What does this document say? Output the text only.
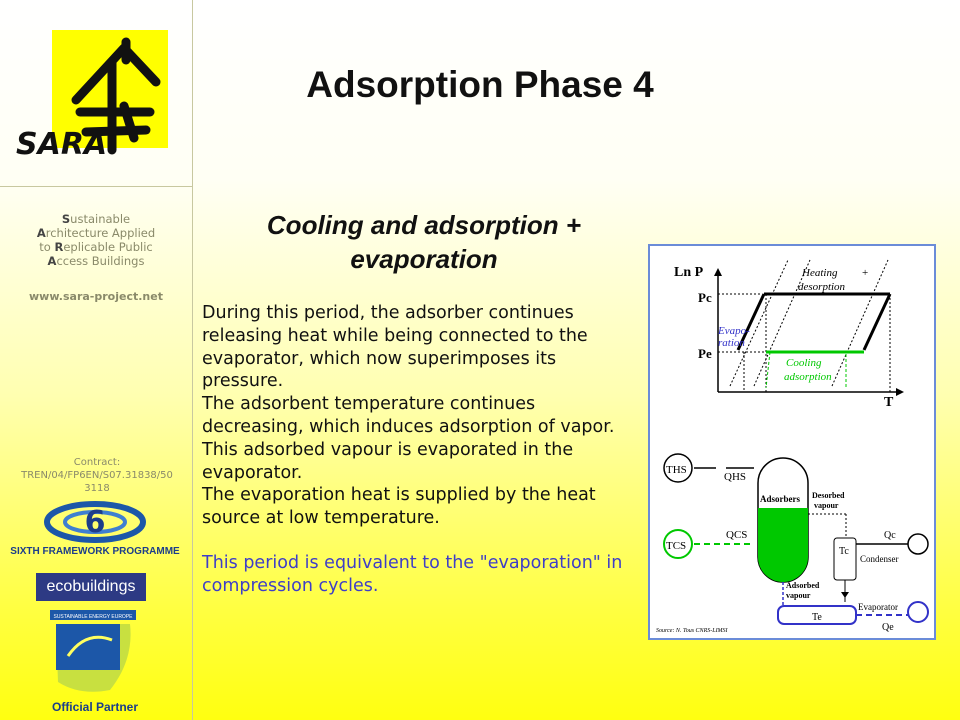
SARA
Sustainable
Architecture Applied
to Replicable Public
Access Buildings
www.sara-project.net
Contract: TREN/04/FP6EN/S07.31838/50 3118
6
SIXTH FRAMEWORK PROGRAMME
ecobuildings
SUSTAINABLE ENERGY EUROPE
Official Partner
Adsorption Phase 4
Cooling and adsorption + evaporation

During this period, the adsorber continues releasing heat while being connected to the evaporator, which now superimposes its pressure.

The adsorbent temperature continues decreasing, which induces adsorption of vapor. This adsorbed vapour is evaporated in the evaporator.

The evaporation heat is supplied by the heat source at low temperature.

This period is equivalent to the "evaporation" in compression cycles.

Ln P
Pc
Pe
T
Heating +
desorption
Evapo-
ration
Cooling
adsorption
THS
QHS
TCS
QCS
Adsorbers Desorbed
vapour
Tc
Qc
Condenser
Adsorbed
vapour
Te
Evaporator
Qe
Source: N. Tous CNRS-LIMSI
